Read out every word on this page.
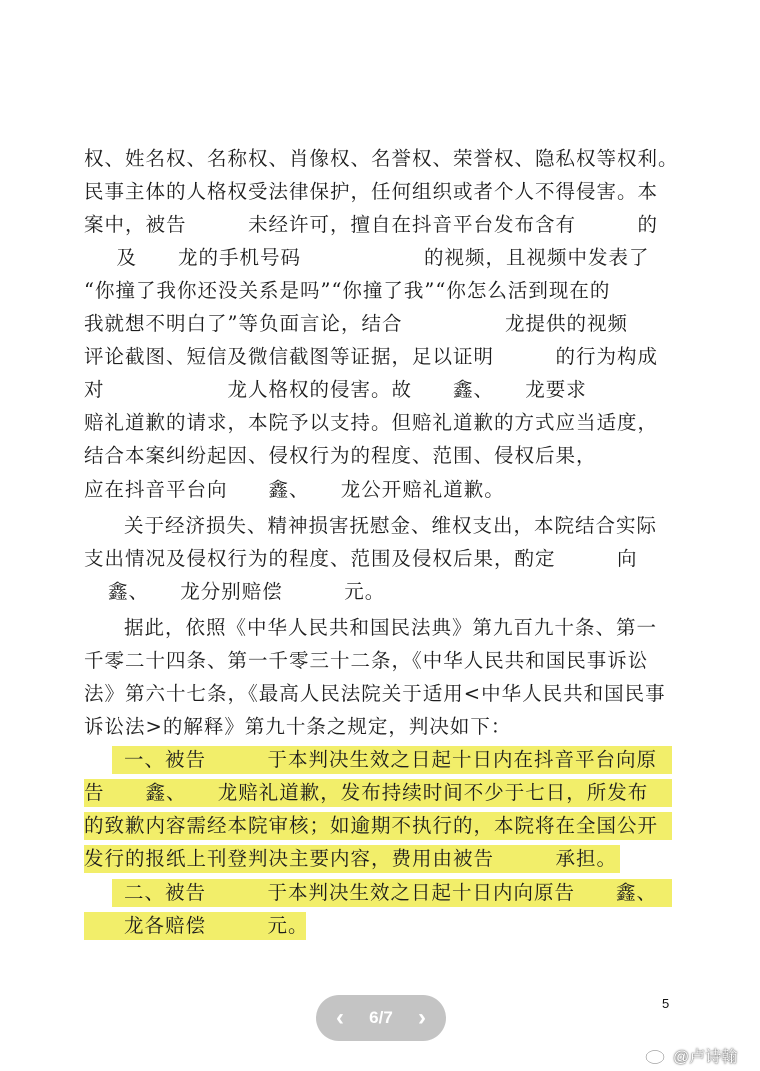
权、姓名权、名称权、肖像权、名誉权、荣誉权、隐私权等权利。
民事主体的人格权受法律保护，任何组织或者个人不得侵害。本
案中，被告　　　未经许可，擅自在抖音平台发布含有　　　的
　及　　龙的手机号码　　　　　　的视频，且视频中发表了
“你撞了我你还没关系是吗”“你撞了我”“你怎么活到现在的
我就想不明白了”等负面言论，结合　　　　　龙提供的视频
评论截图、短信及微信截图等证据，足以证明　　　的行为构成
对　　　　　　龙人格权的侵害。故　　鑫、　　龙要求
赔礼道歉的请求，本院予以支持。但赔礼道歉的方式应当适度，
结合本案纠纷起因、侵权行为的程度、范围、侵权后果，
应在抖音平台向　　鑫、　　龙公开赔礼道歉。
关于经济损失、精神损害抚慰金、维权支出，本院结合实际
支出情况及侵权行为的程度、范围及侵权后果，酌定　　　向
鑫、　　龙分别赔偿　　　元。
据此，依照《中华人民共和国民法典》第九百九十条、第一
千零二十四条、第一千零三十二条，《中华人民共和国民事诉讼
法》第六十七条，《最高人民法院关于适用<中华人民共和国民事
诉讼法>的解释》第九十条之规定，判决如下：
一、被告　　　于本判决生效之日起十日内在抖音平台向原
告　　鑫、　　龙赔礼道歉，发布持续时间不少于七日，所发布
的致歉内容需经本院审核；如逾期不执行的，本院将在全国公开
发行的报纸上刊登判决主要内容，费用由被告　　　承担。
二、被告　　　于本判决生效之日起十日内向原告　　鑫、
龙各赔偿　　　元。
5
‹ 6/7 ›
@卢诗翰
